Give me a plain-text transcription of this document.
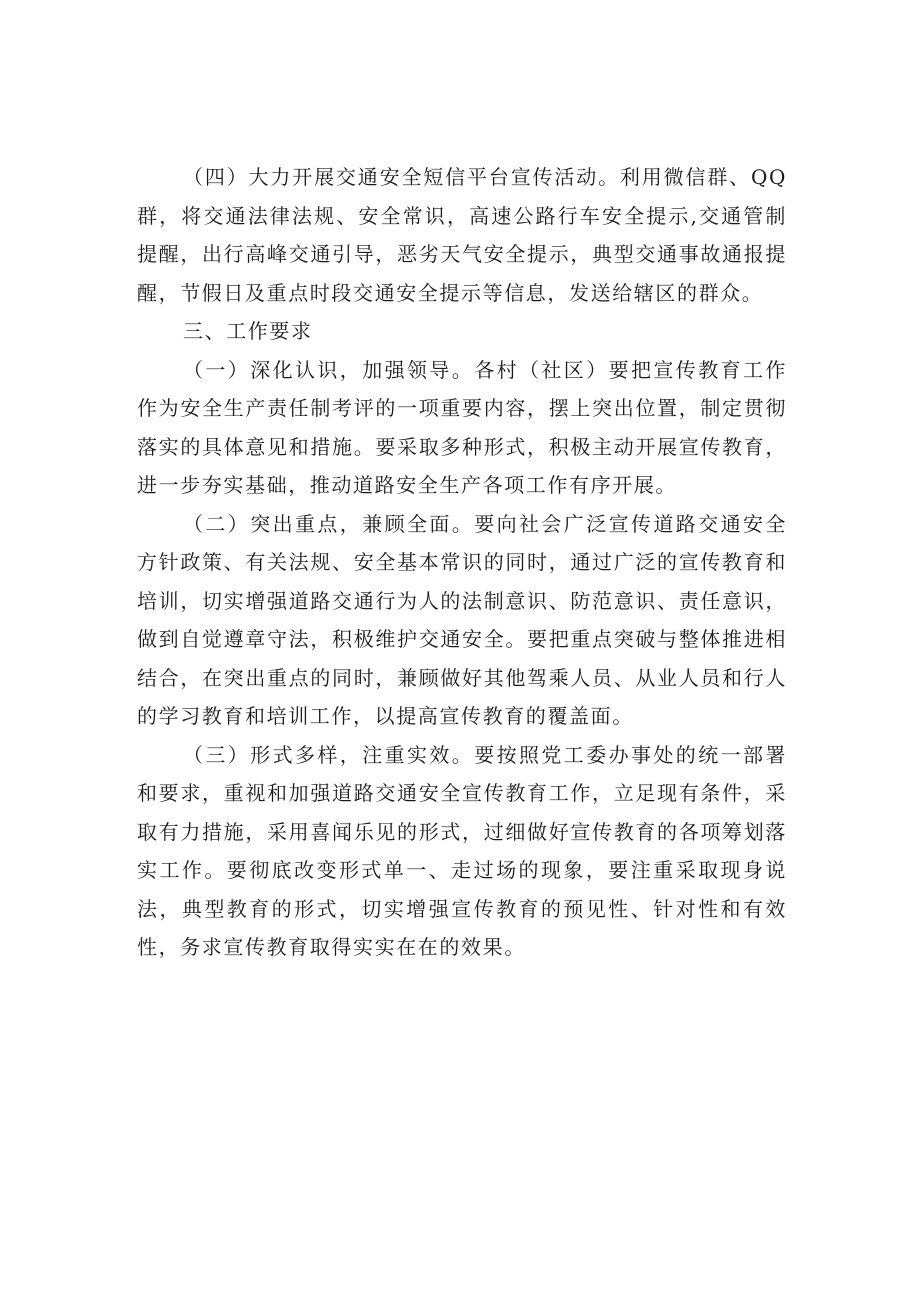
（四）大力开展交通安全短信平台宣传活动。利用微信群、QQ群，将交通法律法规、安全常识，高速公路行车安全提示,交通管制提醒，出行高峰交通引导，恶劣天气安全提示，典型交通事故通报提醒，节假日及重点时段交通安全提示等信息，发送给辖区的群众。

三、工作要求

（一）深化认识，加强领导。各村（社区）要把宣传教育工作作为安全生产责任制考评的一项重要内容，摆上突出位置，制定贯彻落实的具体意见和措施。要采取多种形式，积极主动开展宣传教育，进一步夯实基础，推动道路安全生产各项工作有序开展。

（二）突出重点，兼顾全面。要向社会广泛宣传道路交通安全方针政策、有关法规、安全基本常识的同时，通过广泛的宣传教育和培训，切实增强道路交通行为人的法制意识、防范意识、责任意识，做到自觉遵章守法，积极维护交通安全。要把重点突破与整体推进相结合，在突出重点的同时，兼顾做好其他驾乘人员、从业人员和行人的学习教育和培训工作，以提高宣传教育的覆盖面。

（三）形式多样，注重实效。要按照党工委办事处的统一部署和要求，重视和加强道路交通安全宣传教育工作，立足现有条件，采取有力措施，采用喜闻乐见的形式，过细做好宣传教育的各项筹划落实工作。要彻底改变形式单一、走过场的现象，要注重采取现身说法，典型教育的形式，切实增强宣传教育的预见性、针对性和有效性，务求宣传教育取得实实在在的效果。
